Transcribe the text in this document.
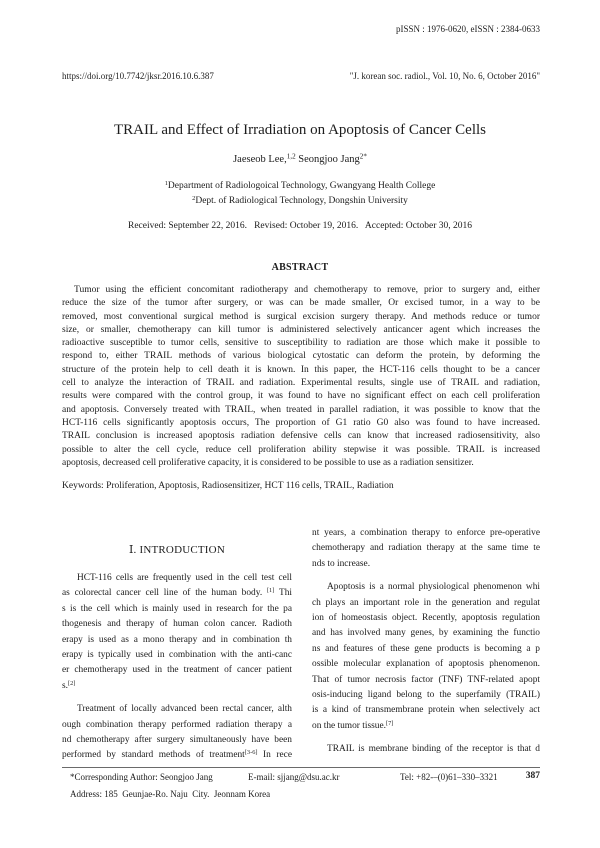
pISSN : 1976-0620, eISSN : 2384-0633
https://doi.org/10.7742/jksr.2016.10.6.387	"J. korean soc. radiol., Vol. 10, No. 6, October 2016"
TRAIL and Effect of Irradiation on Apoptosis of Cancer Cells
Jaeseob Lee,$^{1,2}$ Seongjoo Jang$^{2*}$
$^1$Department of Radiologoical Technology, Gwangyang Health College
$^2$Dept. of Radiological Technology, Dongshin University
Received: September 22, 2016.   Revised: October 19, 2016.   Accepted: October 30, 2016
ABSTRACT
Tumor using the efficient concomitant radiotherapy and chemotherapy to remove, prior to surgery and, either
reduce the size of the tumor after surgery, or was can be made smaller, Or excised tumor, in a way to be
removed, most conventional surgical method is surgical excision surgery therapy. And methods reduce or tumor
size, or smaller, chemotherapy can kill tumor is administered selectively anticancer agent which increases the
radioactive susceptible to tumor cells, sensitive to susceptibility to radiation are those which make it possible to
respond to, either TRAIL methods of various biological cytostatic can deform the protein, by deforming the
structure of the protein help to cell death it is known. In this paper, the HCT-116 cells thought to be a cancer
cell to analyze the interaction of TRAIL and radiation. Experimental results, single use of TRAIL and radiation,
results were compared with the control group, it was found to have no significant effect on each cell proliferation
and apoptosis. Conversely treated with TRAIL, when treated in parallel radiation, it was possible to know that the
HCT-116 cells significantly apoptosis occurs, The proportion of G1 ratio G0 also was found to have increased.
TRAIL conclusion is increased apoptosis radiation defensive cells can know that increased radiosensitivity, also
possible to alter the cell cycle, reduce cell proliferation ability stepwise it was possible. TRAIL is increased
apoptosis, decreased cell proliferative capacity, it is considered to be possible to use as a radiation sensitizer.
Keywords: Proliferation, Apoptosis, Radiosensitizer, HCT 116 cells, TRAIL, Radiation
Ⅰ. INTRODUCTION
HCT-116 cells are frequently used in the cell test cell
as colorectal cancer cell line of the human body. [1] Thi
s is the cell which is mainly used in research for the pa
thogenesis and therapy of human colon cancer. Radioth
erapy is used as a mono therapy and in combination th
erapy is typically used in combination with the anti-canc
er chemotherapy used in the treatment of cancer patient
s.[2]
Treatment of locally advanced been rectal cancer, alth
ough combination therapy performed radiation therapy a
nd chemotherapy after surgery simultaneously have been
performed by standard methods of treatment[3-6] In rece
nt years, a combination therapy to enforce pre-operative
chemotherapy and radiation therapy at the same time te
nds to increase.
Apoptosis is a normal physiological phenomenon whi
ch plays an important role in the generation and regulat
ion of homeostasis object. Recently, apoptosis regulation
and has involved many genes, by examining the functio
ns and features of these gene products is becoming a p
ossible molecular explanation of apoptosis phenomenon.
That of tumor necrosis factor (TNF) TNF-related apopt
osis-inducing ligand belong to the superfamily (TRAIL)
is a kind of transmembrane protein when selectively act
on the tumor tissue.[7]
TRAIL is membrane binding of the receptor is that d
*Corresponding Author: Seongjoo Jang	E-mail: sjjang@dsu.ac.kr	Tel: +82-–(0)61–330–3321	387
Address: 185  Geunjae-Ro. Naju  City.  Jeonnam Korea
